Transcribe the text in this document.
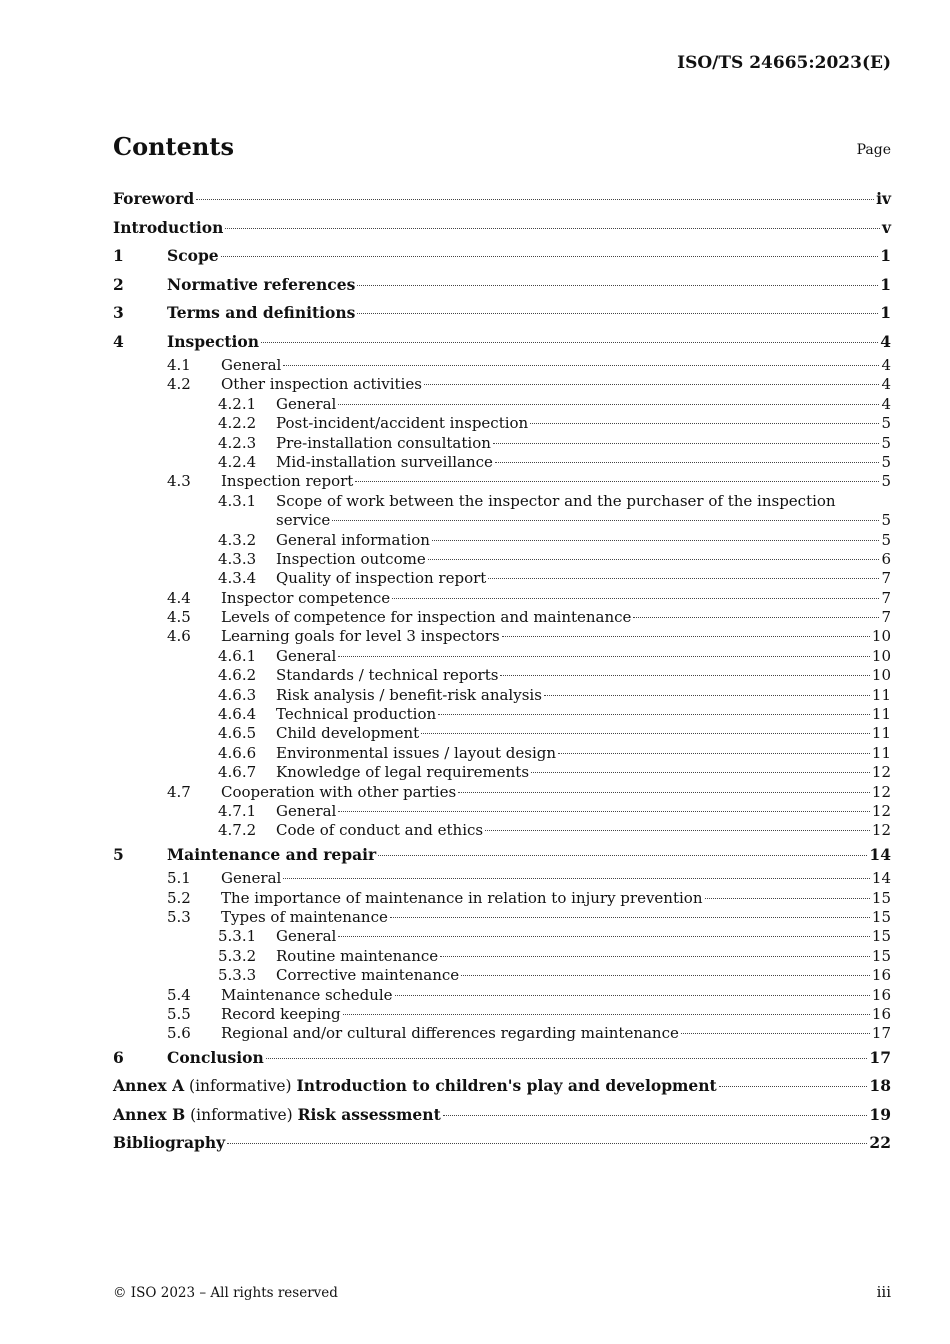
ISO/TS 24665:2023(E)
Contents	Page
Foreword	iv
Introduction	v
1	Scope	1
2	Normative references	1
3	Terms and definitions	1
4	Inspection	4
4.1	General	4
4.2	Other inspection activities	4
4.2.1	General	4
4.2.2	Post-incident/accident inspection	5
4.2.3	Pre-installation consultation	5
4.2.4	Mid-installation surveillance	5
4.3	Inspection report	5
4.3.1	Scope of work between the inspector and the purchaser of the inspection
service	5
4.3.2	General information	5
4.3.3	Inspection outcome	6
4.3.4	Quality of inspection report	7
4.4	Inspector competence	7
4.5	Levels of competence for inspection and maintenance	7
4.6	Learning goals for level 3 inspectors	10
4.6.1	General	10
4.6.2	Standards / technical reports	10
4.6.3	Risk analysis / benefit-risk analysis	11
4.6.4	Technical production	11
4.6.5	Child development	11
4.6.6	Environmental issues / layout design	11
4.6.7	Knowledge of legal requirements	12
4.7	Cooperation with other parties	12
4.7.1	General	12
4.7.2	Code of conduct and ethics	12
5	Maintenance and repair	14
5.1	General	14
5.2	The importance of maintenance in relation to injury prevention	15
5.3	Types of maintenance	15
5.3.1	General	15
5.3.2	Routine maintenance	15
5.3.3	Corrective maintenance	16
5.4	Maintenance schedule	16
5.5	Record keeping	16
5.6	Regional and/or cultural differences regarding maintenance	17
6	Conclusion	17
Annex A (informative) Introduction to children's play and development	18
Annex B (informative) Risk assessment	19
Bibliography	22
© ISO 2023 – All rights reserved	iii
